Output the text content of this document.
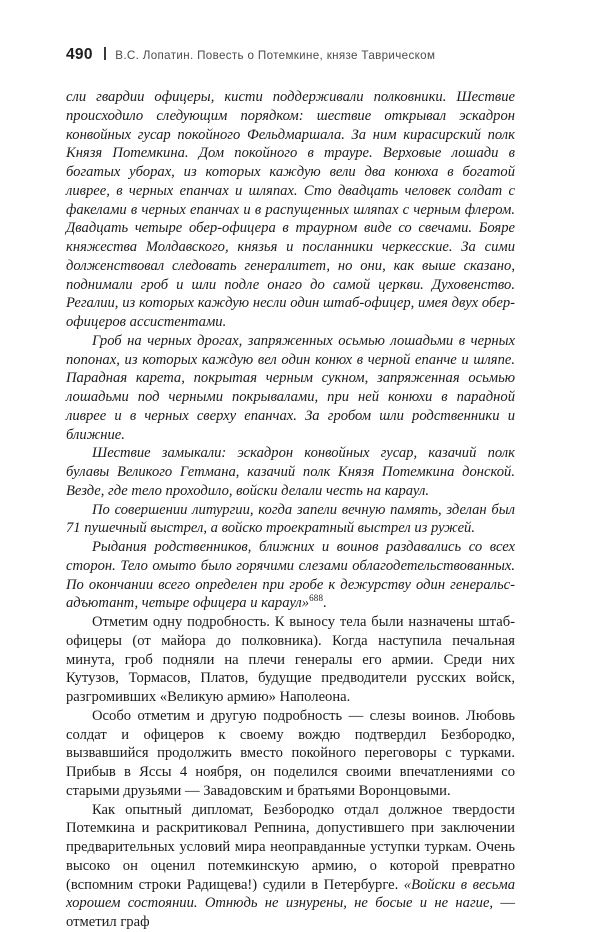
490 В.С. Лопатин. Повесть о Потемкине, князе Таврическом

сли гвардии офицеры, кисти поддерживали полковники. Шествие происходило следующим порядком: шествие открывал эскадрон конвойных гусар покойного Фельдмаршала. За ним кирасирский полк Князя Потемкина. Дом покойного в трауре. Верховые лошади в богатых уборах, из которых каждую вели два конюха в богатой ливрее, в черных епанчах и шляпах. Сто двадцать человек солдат с факелами в черных епанчах и в распущенных шляпах с черным флером. Двадцать четыре обер-офицера в траурном виде со свечами. Бояре княжества Молдавского, князья и посланники черкесские. За сими долженствовал следовать генералитет, но они, как выше сказано, поднимали гроб и шли подле онаго до самой церкви. Духовенство. Регалии, из которых каждую несли один штаб-офицер, имея двух обер-офицеров ассистентами.

Гроб на черных дрогах, запряженных осьмью лошадьми в черных попонах, из которых каждую вел один конюх в черной епанче и шляпе. Парадная карета, покрытая черным сукном, запряженная осьмью лошадьми под черными покрывалами, при ней конюхи в парадной ливрее и в черных сверху епанчах. За гробом шли родственники и ближние.

Шествие замыкали: эскадрон конвойных гусар, казачий полк булавы Великого Гетмана, казачий полк Князя Потемкина донской. Везде, где тело проходило, войски делали честь на караул.

По совершении литургии, когда запели вечную память, зделан был 71 пушечный выстрел, а войско троекратный выстрел из ружей.

Рыдания родственников, ближних и воинов раздавались со всех сторон. Тело омыто было горячими слезами облагодетельствованных. По окончании всего определен при гробе к дежурству один генеральс-адъютант, четыре офицера и караул»$^{688}$.

Отметим одну подробность. К выносу тела были назначены штаб-офицеры (от майора до полковника). Когда наступила печальная минута, гроб подняли на плечи генералы его армии. Среди них Кутузов, Тормасов, Платов, будущие предводители русских войск, разгромивших «Великую армию» Наполеона.

Особо отметим и другую подробность — слезы воинов. Любовь солдат и офицеров к своему вождю подтвердил Безбородко, вызвавшийся продолжить вместо покойного переговоры с турками. Прибыв в Яссы 4 ноября, он поделился своими впечатлениями со старыми друзьями — Завадовским и братьями Воронцовыми.

Как опытный дипломат, Безбородко отдал должное твердости Потемкина и раскритиковал Репнина, допустившего при заключении предварительных условий мира неоправданные уступки туркам. Очень высоко он оценил потемкинскую армию, о которой превратно (вспомним строки Радищева!) судили в Петербурге. «Войски в весьма хорошем состоянии. Отнюдь не изнурены, не босые и не нагие, — отметил граф
